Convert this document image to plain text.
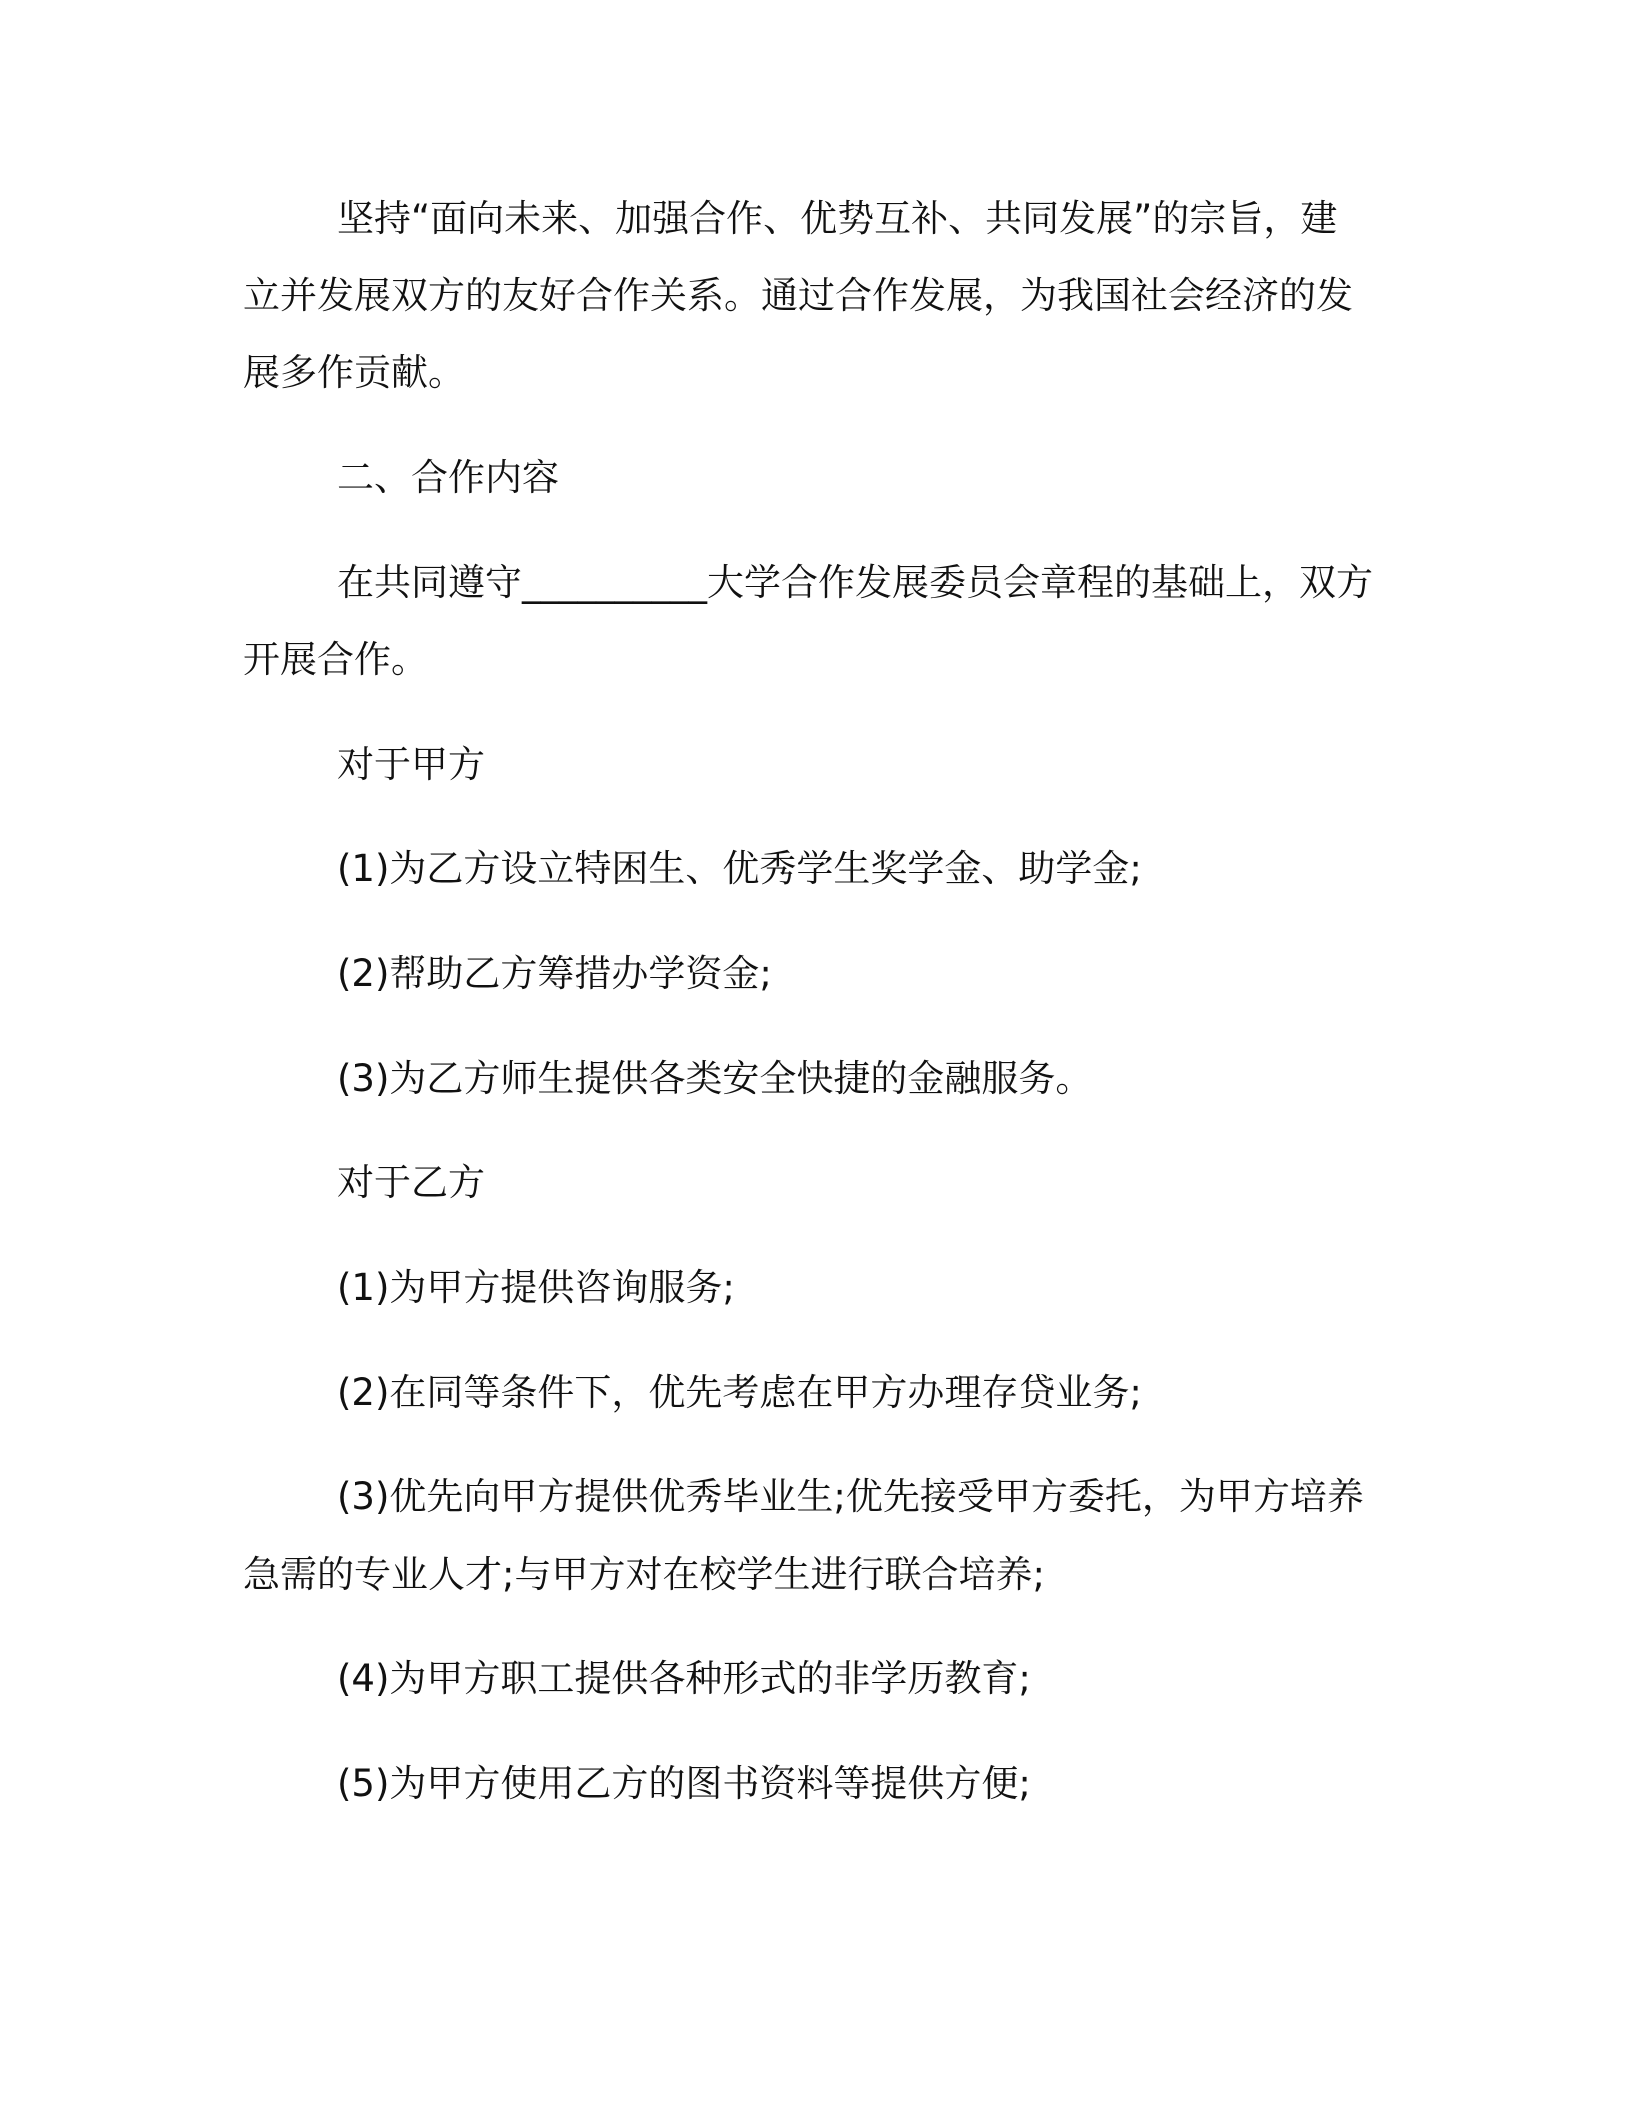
坚持“面向未来、加强合作、优势互补、共同发展”的宗旨，建
立并发展双方的友好合作关系。通过合作发展，为我国社会经济的发
展多作贡献。
二、合作内容
在共同遵守__________大学合作发展委员会章程的基础上，双方
开展合作。
对于甲方
(1)为乙方设立特困生、优秀学生奖学金、助学金;
(2)帮助乙方筹措办学资金;
(3)为乙方师生提供各类安全快捷的金融服务。
对于乙方
(1)为甲方提供咨询服务;
(2)在同等条件下，优先考虑在甲方办理存贷业务;
(3)优先向甲方提供优秀毕业生;优先接受甲方委托，为甲方培养
急需的专业人才;与甲方对在校学生进行联合培养;
(4)为甲方职工提供各种形式的非学历教育;
(5)为甲方使用乙方的图书资料等提供方便;
